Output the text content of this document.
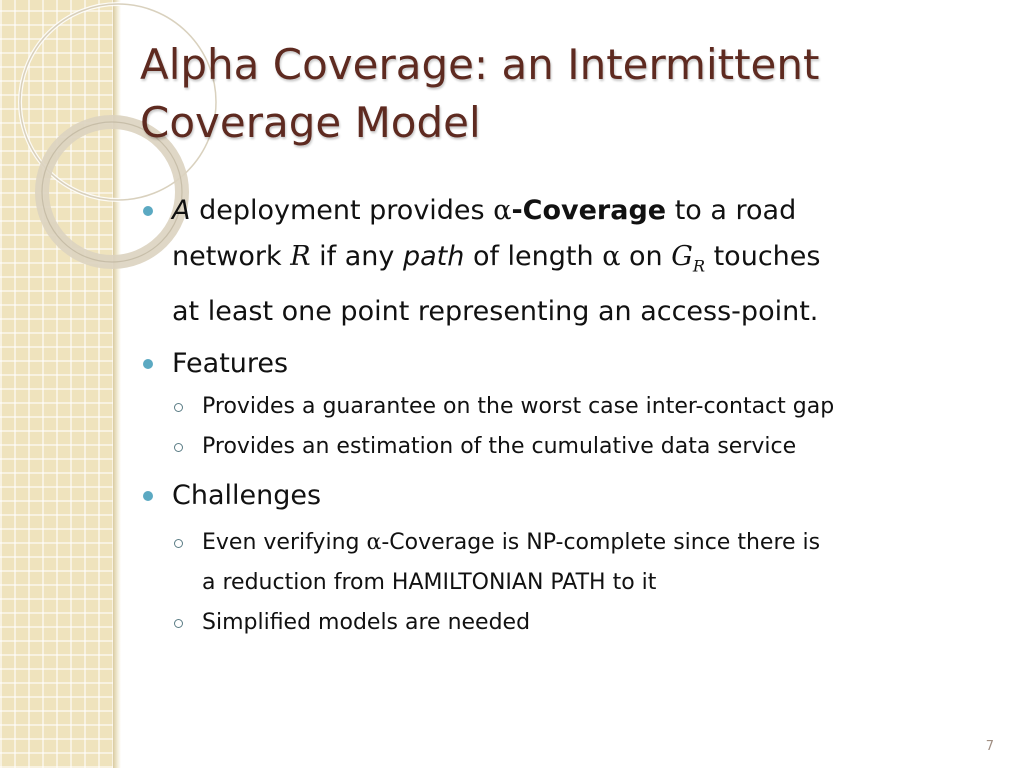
Alpha Coverage: an Intermittent
Coverage Model
A deployment provides α-Coverage to a road
network R if any path of length α on $G_R$ touches
at least one point representing an access-point.
Features
Provides a guarantee on the worst case inter-contact gap
Provides an estimation of the cumulative data service
Challenges
Even verifying α-Coverage is NP-complete since there is
a reduction from HAMILTONIAN PATH to it
Simplified models are needed
7
